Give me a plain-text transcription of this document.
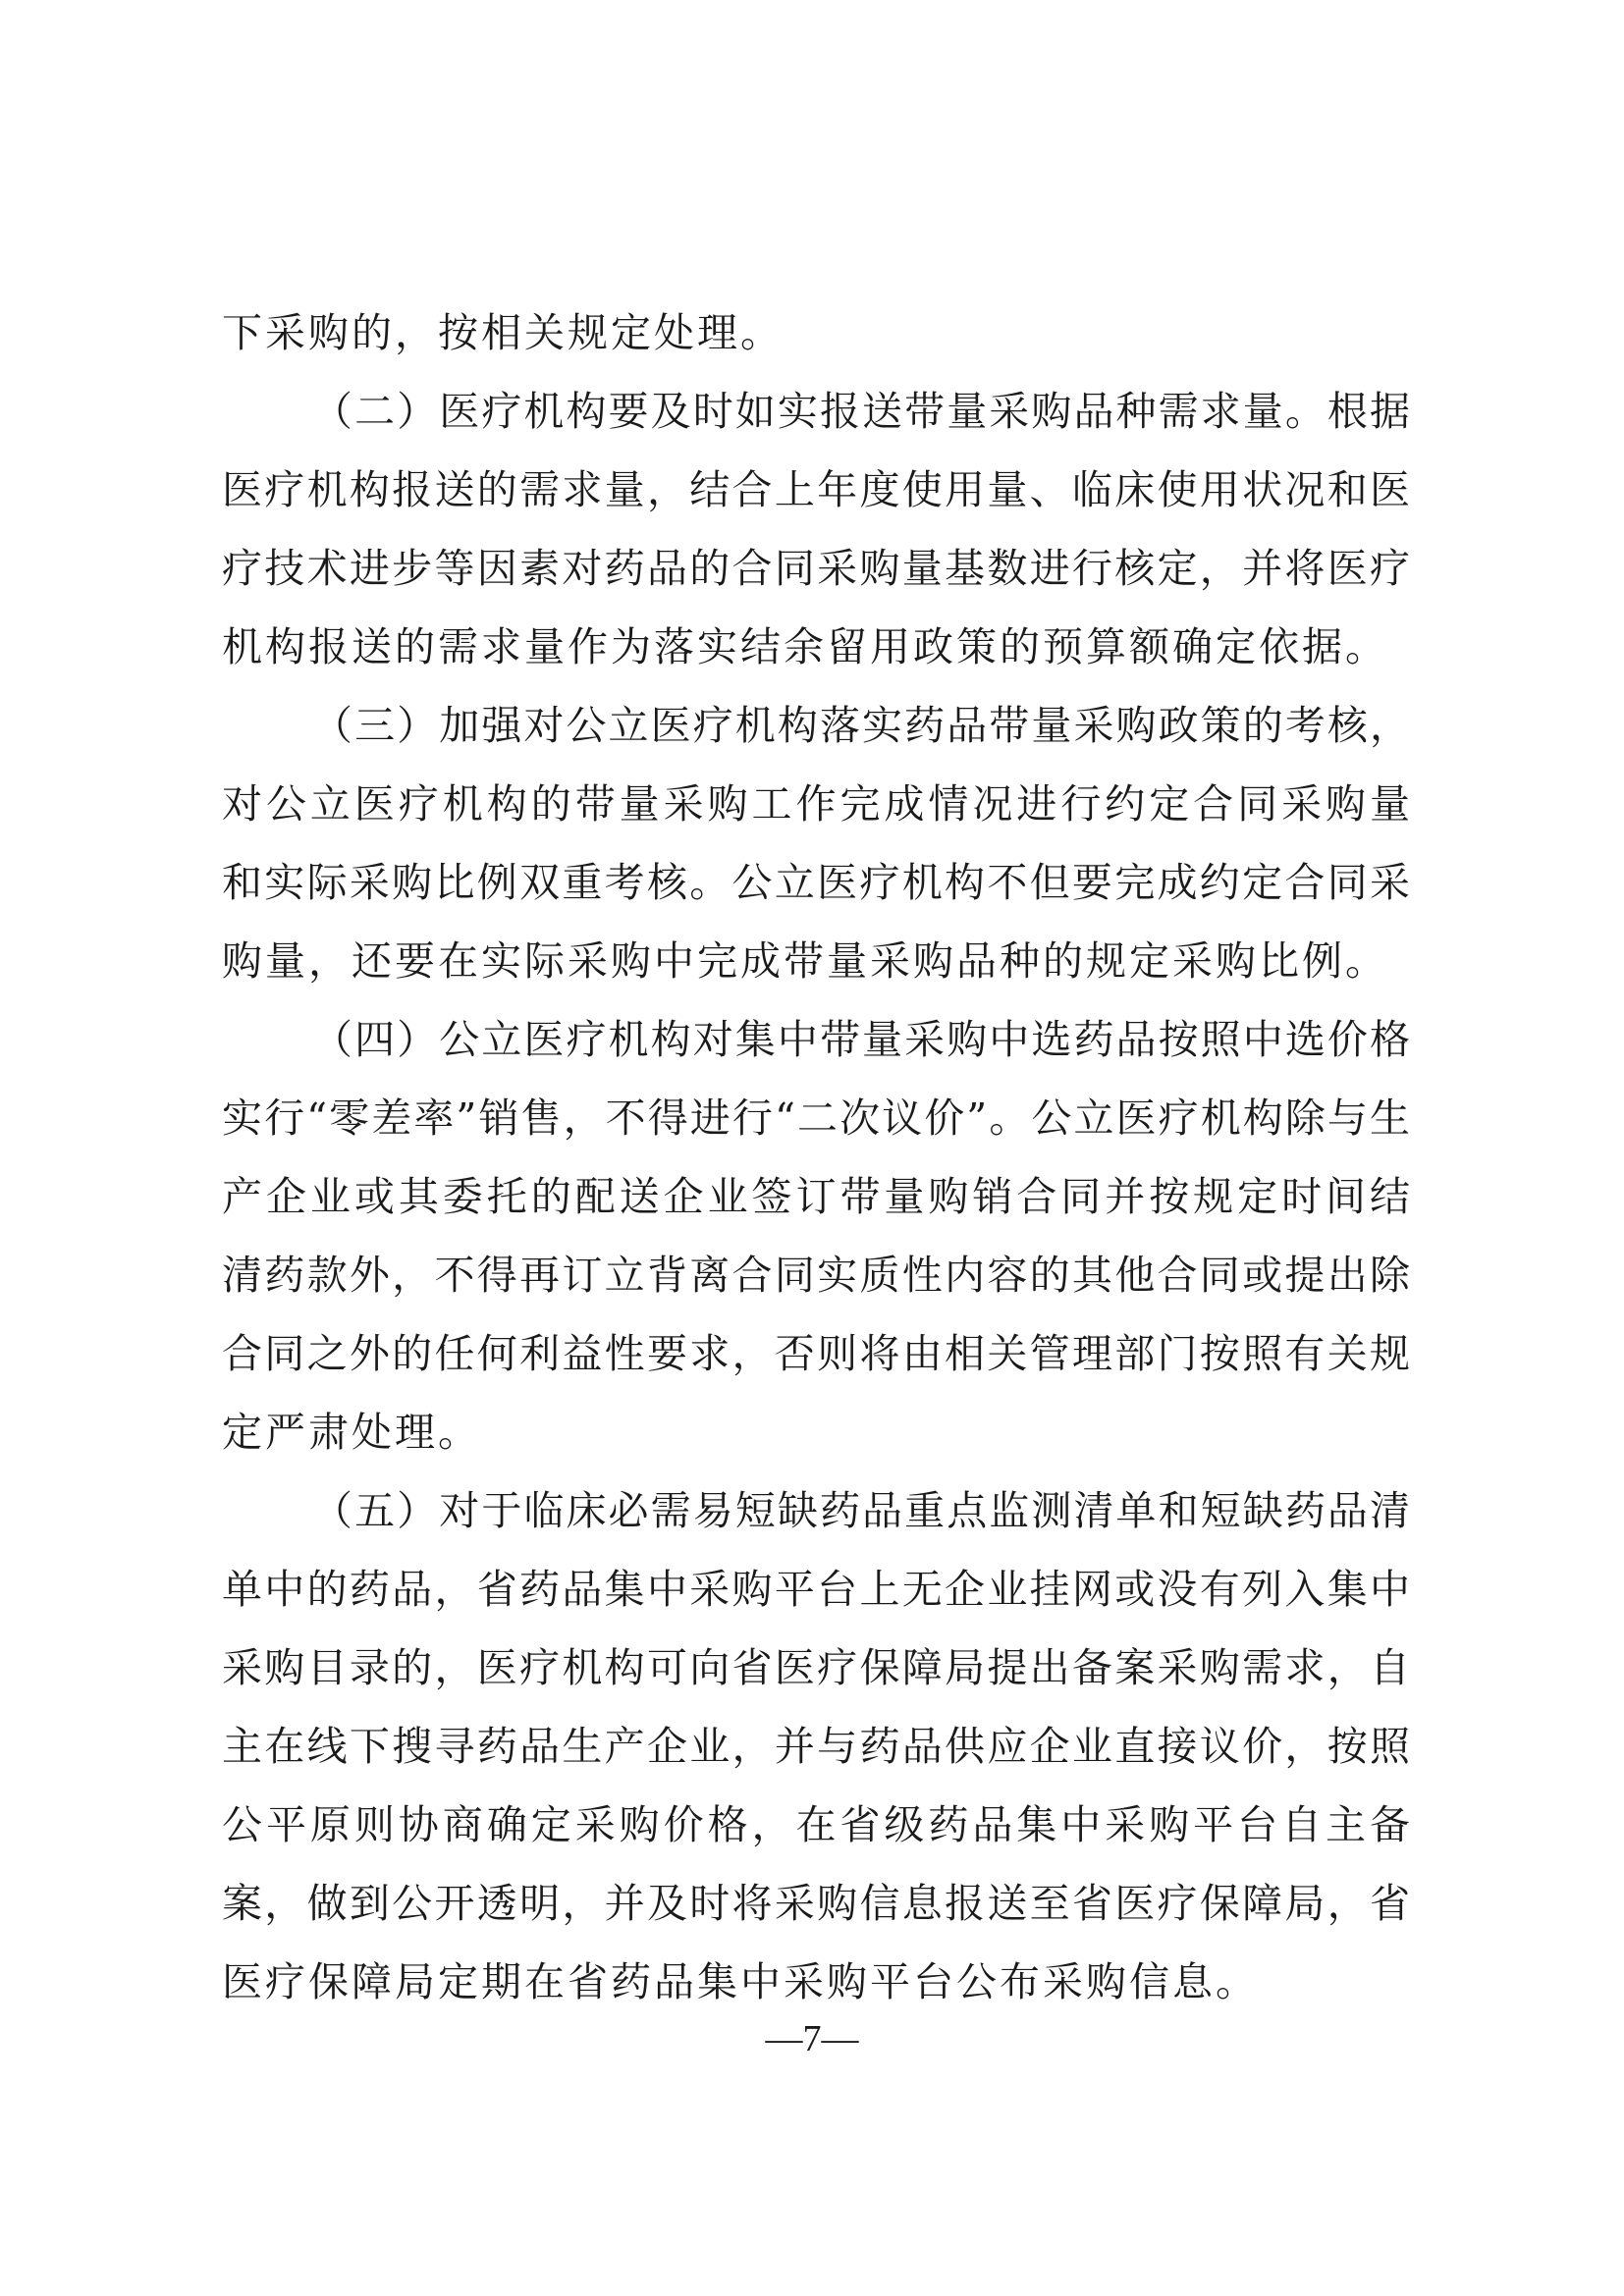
下采购的，按相关规定处理。
（二）医疗机构要及时如实报送带量采购品种需求量。根据
医疗机构报送的需求量，结合上年度使用量、临床使用状况和医
疗技术进步等因素对药品的合同采购量基数进行核定，并将医疗
机构报送的需求量作为落实结余留用政策的预算额确定依据。
（三）加强对公立医疗机构落实药品带量采购政策的考核，
对公立医疗机构的带量采购工作完成情况进行约定合同采购量
和实际采购比例双重考核。公立医疗机构不但要完成约定合同采
购量，还要在实际采购中完成带量采购品种的规定采购比例。
（四）公立医疗机构对集中带量采购中选药品按照中选价格
实行“零差率”销售，不得进行“二次议价”。公立医疗机构除与生
产企业或其委托的配送企业签订带量购销合同并按规定时间结
清药款外，不得再订立背离合同实质性内容的其他合同或提出除
合同之外的任何利益性要求，否则将由相关管理部门按照有关规
定严肃处理。
（五）对于临床必需易短缺药品重点监测清单和短缺药品清
单中的药品，省药品集中采购平台上无企业挂网或没有列入集中
采购目录的，医疗机构可向省医疗保障局提出备案采购需求，自
主在线下搜寻药品生产企业，并与药品供应企业直接议价，按照
公平原则协商确定采购价格，在省级药品集中采购平台自主备
案，做到公开透明，并及时将采购信息报送至省医疗保障局，省
医疗保障局定期在省药品集中采购平台公布采购信息。
—7—
